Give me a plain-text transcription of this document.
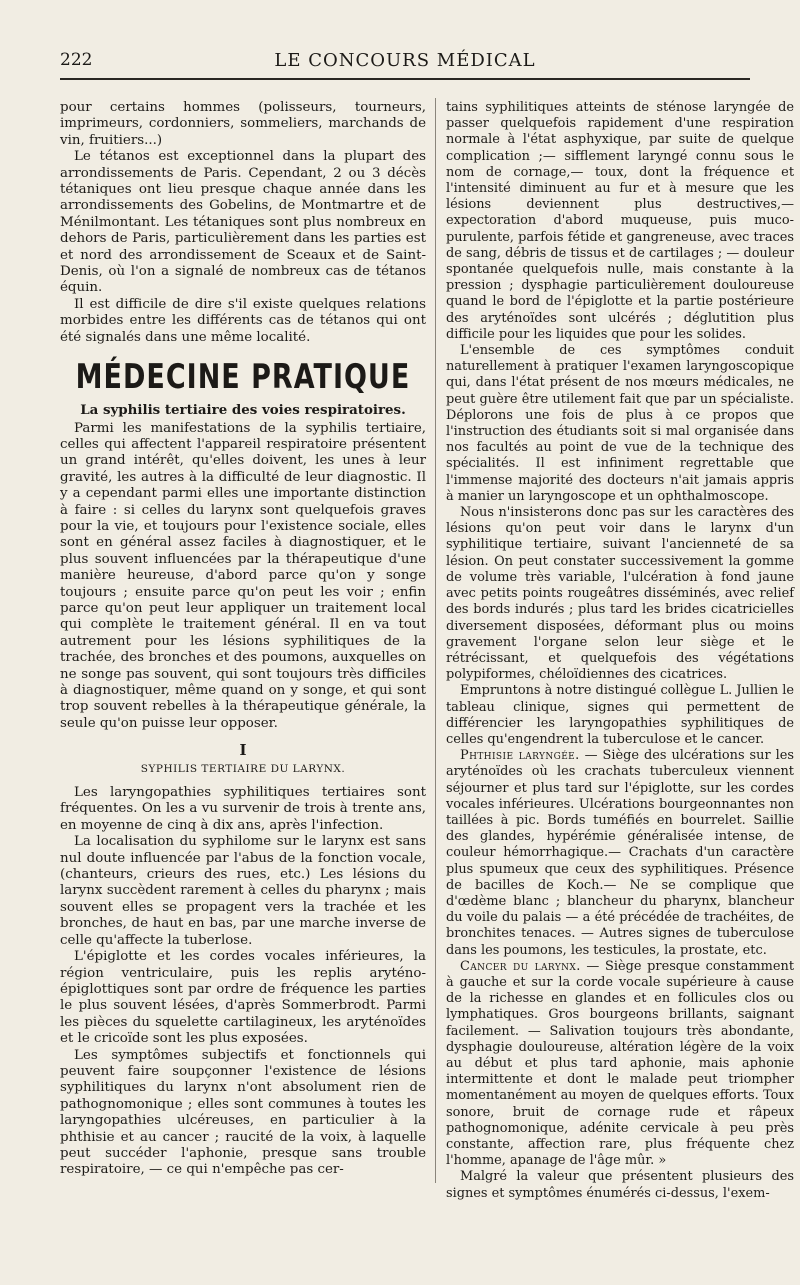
222	LE CONCOURS MÉDICAL

pour certains hommes (polisseurs, tourneurs, imprimeurs, cordonniers, sommeliers, marchands de vin, fruitiers...)

Le tétanos est exceptionnel dans la plupart des arrondissements de Paris. Cependant, 2 ou 3 décès tétaniques ont lieu presque chaque année dans les arrondissements des Gobelins, de Montmartre et de Ménilmontant. Les tétaniques sont plus nombreux en dehors de Paris, particulièrement dans les parties est et nord des arrondissement de Sceaux et de Saint-Denis, où l'on a signalé de nombreux cas de tétanos équin.

Il est difficile de dire s'il existe quelques relations morbides entre les différents cas de tétanos qui ont été signalés dans une même localité.

MÉDECINE PRATIQUE
La syphilis tertiaire des voies respiratoires.

Parmi les manifestations de la syphilis tertiaire, celles qui affectent l'appareil respiratoire présentent un grand intérêt, qu'elles doivent, les unes à leur gravité, les autres à la difficulté de leur diagnostic. Il y a cependant parmi elles une importante distinction à faire : si celles du larynx sont quelquefois graves pour la vie, et toujours pour l'existence sociale, elles sont en général assez faciles à diagnostiquer, et le plus souvent influencées par la thérapeutique d'une manière heureuse, d'abord parce qu'on y songe toujours ; ensuite parce qu'on peut les voir ; enfin parce qu'on peut leur appliquer un traitement local qui complète le traitement général. Il en va tout autrement pour les lésions syphilitiques de la trachée, des bronches et des poumons, auxquelles on ne songe pas souvent, qui sont toujours très difficiles à diagnostiquer, même quand on y songe, et qui sont trop souvent rebelles à la thérapeutique générale, la seule qu'on puisse leur opposer.

I
SYPHILIS TERTIAIRE DU LARYNX.

Les laryngopathies syphilitiques tertiaires sont fréquentes. On les a vu survenir de trois à trente ans, en moyenne de cinq à dix ans, après l'infection.

La localisation du syphilome sur le larynx est sans nul doute influencée par l'abus de la fonction vocale, (chanteurs, crieurs des rues, etc.) Les lésions du larynx succèdent rarement à celles du pharynx ; mais souvent elles se propagent vers la trachée et les bronches, de haut en bas, par une marche inverse de celle qu'affecte la tuberlose.

L'épiglotte et les cordes vocales inférieures, la région ventriculaire, puis les replis aryténo-épiglottiques sont par ordre de fréquence les parties le plus souvent lésées, d'après Sommerbrodt. Parmi les pièces du squelette cartilagineux, les aryténoïdes et le cricoïde sont les plus exposées.

Les symptômes subjectifs et fonctionnels qui peuvent faire soupçonner l'existence de lésions syphilitiques du larynx n'ont absolument rien de pathognomonique ; elles sont communes à toutes les laryngopathies ulcéreuses, en particulier à la phthisie et au cancer ; raucité de la voix, à laquelle peut succéder l'aphonie, presque sans trouble respiratoire, — ce qui n'empêche pas cer-

tains syphilitiques atteints de sténose laryngée de passer quelquefois rapidement d'une respiration normale à l'état asphyxique, par suite de quelque complication ;— sifflement laryngé connu sous le nom de cornage,— toux, dont la fréquence et l'intensité diminuent au fur et à mesure que les lésions deviennent plus destructives,— expectoration d'abord muqueuse, puis muco-purulente, parfois fétide et gangreneuse, avec traces de sang, débris de tissus et de cartilages ; — douleur spontanée quelquefois nulle, mais constante à la pression ; dysphagie particulièrement douloureuse quand le bord de l'épiglotte et la partie postérieure des aryténoïdes sont ulcérés ; déglutition plus difficile pour les liquides que pour les solides.

L'ensemble de ces symptômes conduit naturellement à pratiquer l'examen laryngoscopique qui, dans l'état présent de nos mœurs médicales, ne peut guère être utilement fait que par un spécialiste. Déplorons une fois de plus à ce propos que l'instruction des étudiants soit si mal organisée dans nos facultés au point de vue de la technique des spécialités. Il est infiniment regrettable que l'immense majorité des docteurs n'ait jamais appris à manier un laryngoscope et un ophthalmoscope.

Nous n'insisterons donc pas sur les caractères des lésions qu'on peut voir dans le larynx d'un syphilitique tertiaire, suivant l'ancienneté de sa lésion. On peut constater successivement la gomme de volume très variable, l'ulcération à fond jaune avec petits points rougeâtres disséminés, avec relief des bords indurés ; plus tard les brides cicatricielles diversement disposées, déformant plus ou moins gravement l'organe selon leur siège et le rétrécissant, et quelquefois des végétations polypiformes, chéloïdiennes des cicatrices.

Empruntons à notre distingué collègue L. Jullien le tableau clinique, signes qui permettent de différencier les laryngopathies syphilitiques de celles qu'engendrent la tuberculose et le cancer.

Phthisie laryngée. — Siège des ulcérations sur les aryténoïdes où les crachats tuberculeux viennent séjourner et plus tard sur l'épiglotte, sur les cordes vocales inférieures. Ulcérations bourgeonnantes non taillées à pic. Bords tuméfiés en bourrelet. Saillie des glandes, hypérémie généralisée intense, de couleur hémorrhagique.— Crachats d'un caractère plus spumeux que ceux des syphilitiques. Présence de bacilles de Koch.— Ne se complique que d'œdème blanc ; blancheur du pharynx, blancheur du voile du palais — a été précédée de trachéites, de bronchites tenaces. — Autres signes de tuberculose dans les poumons, les testicules, la prostate, etc.

Cancer du larynx. — Siège presque constamment à gauche et sur la corde vocale supérieure à cause de la richesse en glandes et en follicules clos ou lymphatiques. Gros bourgeons brillants, saignant facilement. — Salivation toujours très abondante, dysphagie douloureuse, altération légère de la voix au début et plus tard aphonie, mais aphonie intermittente et dont le malade peut triompher momentanément au moyen de quelques efforts. Toux sonore, bruit de cornage rude et râpeux pathognomonique, adénite cervicale à peu près constante, affection rare, plus fréquente chez l'homme, apanage de l'âge mûr. »

Malgré la valeur que présentent plusieurs des signes et symptômes énumérés ci-dessus, l'exem-
